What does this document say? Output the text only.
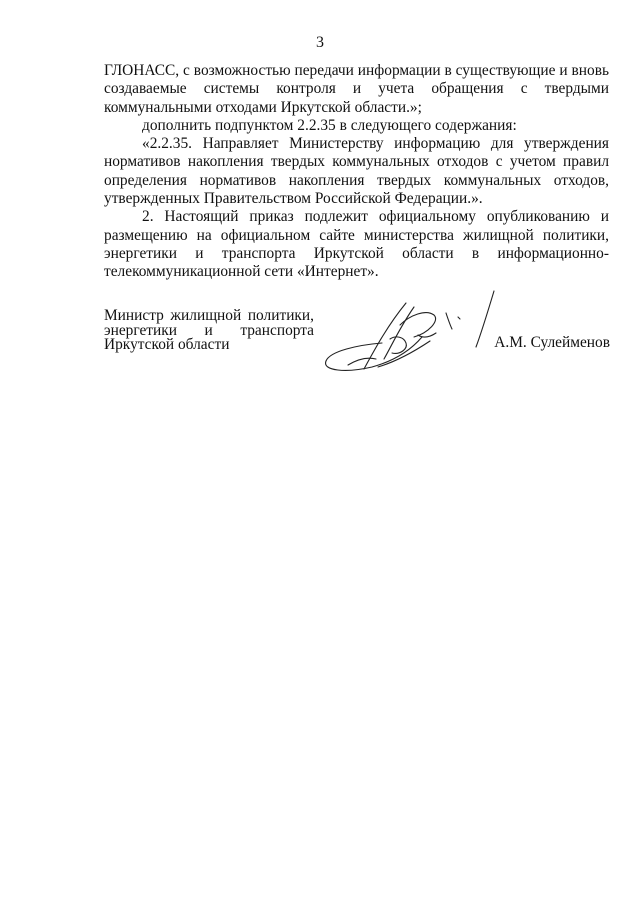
3

ГЛОНАСС, с возможностью передачи информации в существующие и вновь создаваемые системы контроля и учета обращения с твердыми коммунальными отходами Иркутской области.»;

дополнить подпунктом 2.2.35 в следующего содержания:

«2.2.35. Направляет Министерству информацию для утверждения нормативов накопления твердых коммунальных отходов с учетом правил определения нормативов накопления твердых коммунальных отходов, утвержденных Правительством Российской Федерации.».

2. Настоящий приказ подлежит официальному опубликованию и размещению на официальном сайте министерства жилищной политики, энергетики и транспорта Иркутской области в информационно-телекоммуникационной сети «Интернет».

Министр жилищной политики,
энергетики и транспорта
Иркутской области	А.М. Сулейменов
